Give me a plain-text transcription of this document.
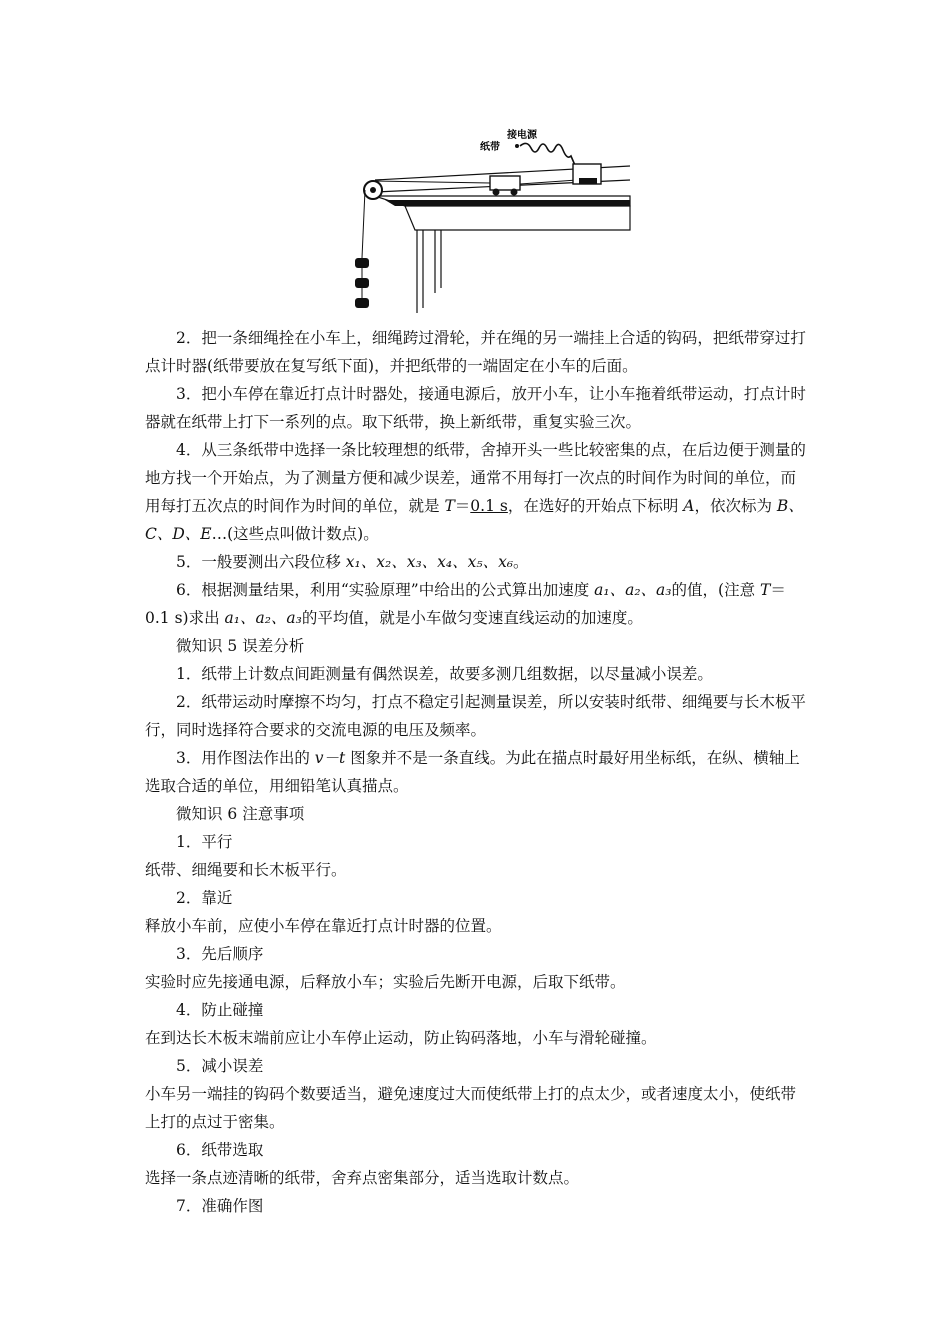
接电源
纸带

2．把一条细绳拴在小车上，细绳跨过滑轮，并在绳的另一端挂上合适的钩码，把纸带穿过打点计时器(纸带要放在复写纸下面)，并把纸带的一端固定在小车的后面。

3．把小车停在靠近打点计时器处，接通电源后，放开小车，让小车拖着纸带运动，打点计时器就在纸带上打下一系列的点。取下纸带，换上新纸带，重复实验三次。

4．从三条纸带中选择一条比较理想的纸带，舍掉开头一些比较密集的点，在后边便于测量的地方找一个开始点，为了测量方便和减少误差，通常不用每打一次点的时间作为时间的单位，而用每打五次点的时间作为时间的单位，就是 T＝0.1 s，在选好的开始点下标明 A，依次标为 B、C、D、E…(这些点叫做计数点)。

5．一般要测出六段位移 x₁、x₂、x₃、x₄、x₅、x₆。

6．根据测量结果，利用“实验原理”中给出的公式算出加速度 a₁、a₂、a₃的值，(注意 T＝0.1 s)求出 a₁、a₂、a₃的平均值，就是小车做匀变速直线运动的加速度。

微知识 5 误差分析

1．纸带上计数点间距测量有偶然误差，故要多测几组数据，以尽量减小误差。

2．纸带运动时摩擦不均匀，打点不稳定引起测量误差，所以安装时纸带、细绳要与长木板平行，同时选择符合要求的交流电源的电压及频率。

3．用作图法作出的 v－t 图象并不是一条直线。为此在描点时最好用坐标纸，在纵、横轴上选取合适的单位，用细铅笔认真描点。

微知识 6 注意事项

1．平行

纸带、细绳要和长木板平行。

2．靠近

释放小车前，应使小车停在靠近打点计时器的位置。

3．先后顺序

实验时应先接通电源，后释放小车；实验后先断开电源，后取下纸带。

4．防止碰撞

在到达长木板末端前应让小车停止运动，防止钩码落地，小车与滑轮碰撞。

5．减小误差

小车另一端挂的钩码个数要适当，避免速度过大而使纸带上打的点太少，或者速度太小，使纸带上打的点过于密集。

6．纸带选取

选择一条点迹清晰的纸带，舍弃点密集部分，适当选取计数点。

7．准确作图
